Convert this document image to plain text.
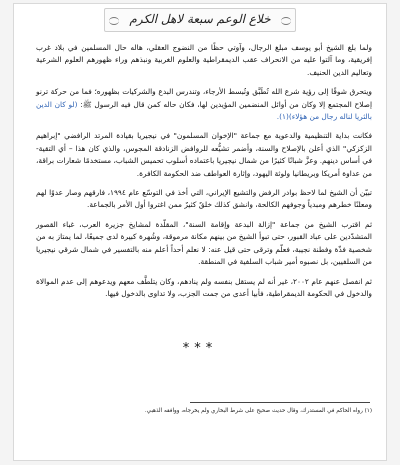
خلاع الوعم سبعة لاهل الكرم

ولما بلغ الشيخ أبو يوسف مبلغ الرجال، وآوتي حظًا من النضوج العقلي، هاله حال المسلمين في بلاد غرب إفريقية، وما آلتوا عليه من الانحراف عقب الديمقراطية والعلوم الغربية ونبذهم وراء ظهورهم العلوم الشرعية وتعاليم الدين الحنيف.

ويتحرق شوقًا إلى رؤية شرع الله تُطَبَّق وتُبسط الأرجاء، وتندرس البدع والشركيات بظهوره؛ فما من حركة ترنو إصلاح المجتمع إلا وكان من أوائل المنضمين المؤيدين لها، فكان حاله كمن قال فيه الرسول ﷺ: (لو كان الدين بالثريا لناله رجال من هؤلاء)(١).

فكانت بداية التنظيمية والدعوية مع جماعة "الإخوان المسلمون" في نيجيريا بقيادة المرتد الرافضي "إبراهيم الزكزكي" الذي أعلن بالإصلاح والسنة، وأضمر تشيُّعه للروافض الزنادقة المجوس، والذي كان هذا – أي التقية- في أساس دينهم. وعزَّ شبانًا كثيرًا من شمال نيجيريا باعتماده أسلوب تحميس الشباب، مستخدمًا شعارات براقة، من عداوة أمريكا وبريطانيا ولوثة اليهود، وإثارة العواطف ضد الحكومة الكافرة.

تبيّن أن الشيخ لما لاحظ بوادر الرفض والتشيع الإيراني، التي أخذ في التوسّع عام ١٩٩٤، فارقهم وصار عدوًا لهم ومعلنًا خطرهم ومبدياً وجوفهم الكالحة، وانشق كذلك خلقٌ كثيرٌ ممن اغتروا أول الأمر بالجماعة.

ثم اقترب الشيخ من جماعة "إزالة البدعة وإقامة السنة"، المقلّدة لمشايخ جزيرة العرب، غباء القصور المتشدّدين على عباد القبور، حتى تبوأ الشيخ من بينهم مكانة مرموقة، وشُهرة كبيرة لدى جميعًا، لما يمتاز به من شخصية فذّة وفطنة نجيبة، فعلّم وترقى حتى قيل عنه: لا نعلم أحداً أعلم منه بالتفسير في شمال شرقي نيجيريا من السلفيين، بل نصبوه أمير شباب السلفية في المنطقة.

ثم انفصل عنهم عام ٢٠٠٢، غير أنه لم يستقل بنفسه ولم ينادهم، وكان يتلطَّف معهم ويدعوهم إلى عدم الموالاة والدخول في الحكومة الديمقراطية، فأبيا أعدى من جمت الجزب، ولا تداوى بالدخول فيها.

***
(١) رواه الحاكم في المستدرك، وقال حديث صحيح على شرط البخاري ولم يخرجاه، ووافقه الذهبي.
